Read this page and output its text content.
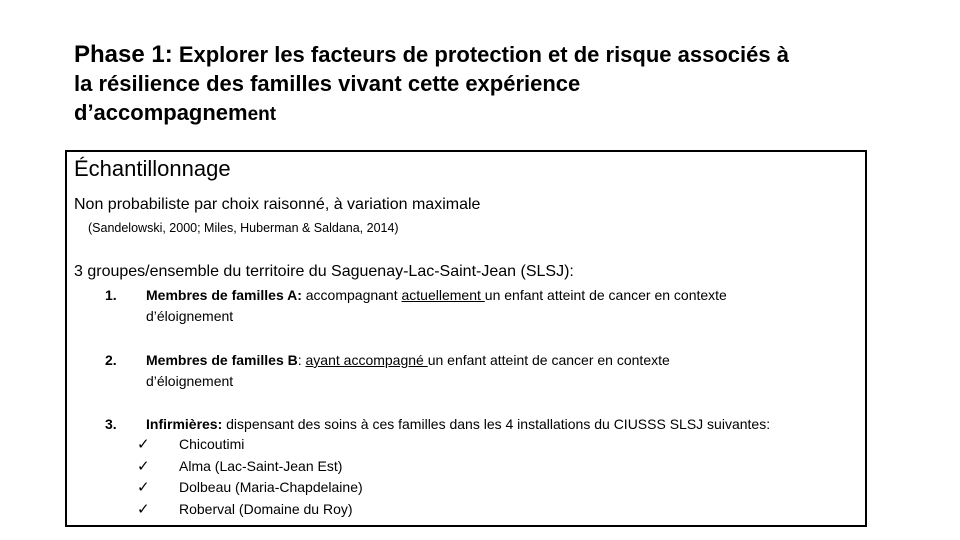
Phase 1: Explorer les facteurs de protection et de risque associés à
la résilience des familles vivant cette expérience
d’accompagnement
Échantillonnage
Non probabiliste par choix raisonné, à variation maximale
(Sandelowski, 2000; Miles, Huberman & Saldana, 2014)
3 groupes/ensemble du territoire du Saguenay-Lac-Saint-Jean (SLSJ):
1. Membres de familles A: accompagnant actuellement un enfant atteint de cancer en contexte
d’éloignement
2. Membres de familles B: ayant accompagné un enfant atteint de cancer en contexte
d’éloignement
3. Infirmières: dispensant des soins à ces familles dans les 4 installations du CIUSSS SLSJ suivantes:
✓ Chicoutimi
✓ Alma (Lac-Saint-Jean Est)
✓ Dolbeau (Maria-Chapdelaine)
✓ Roberval (Domaine du Roy)
